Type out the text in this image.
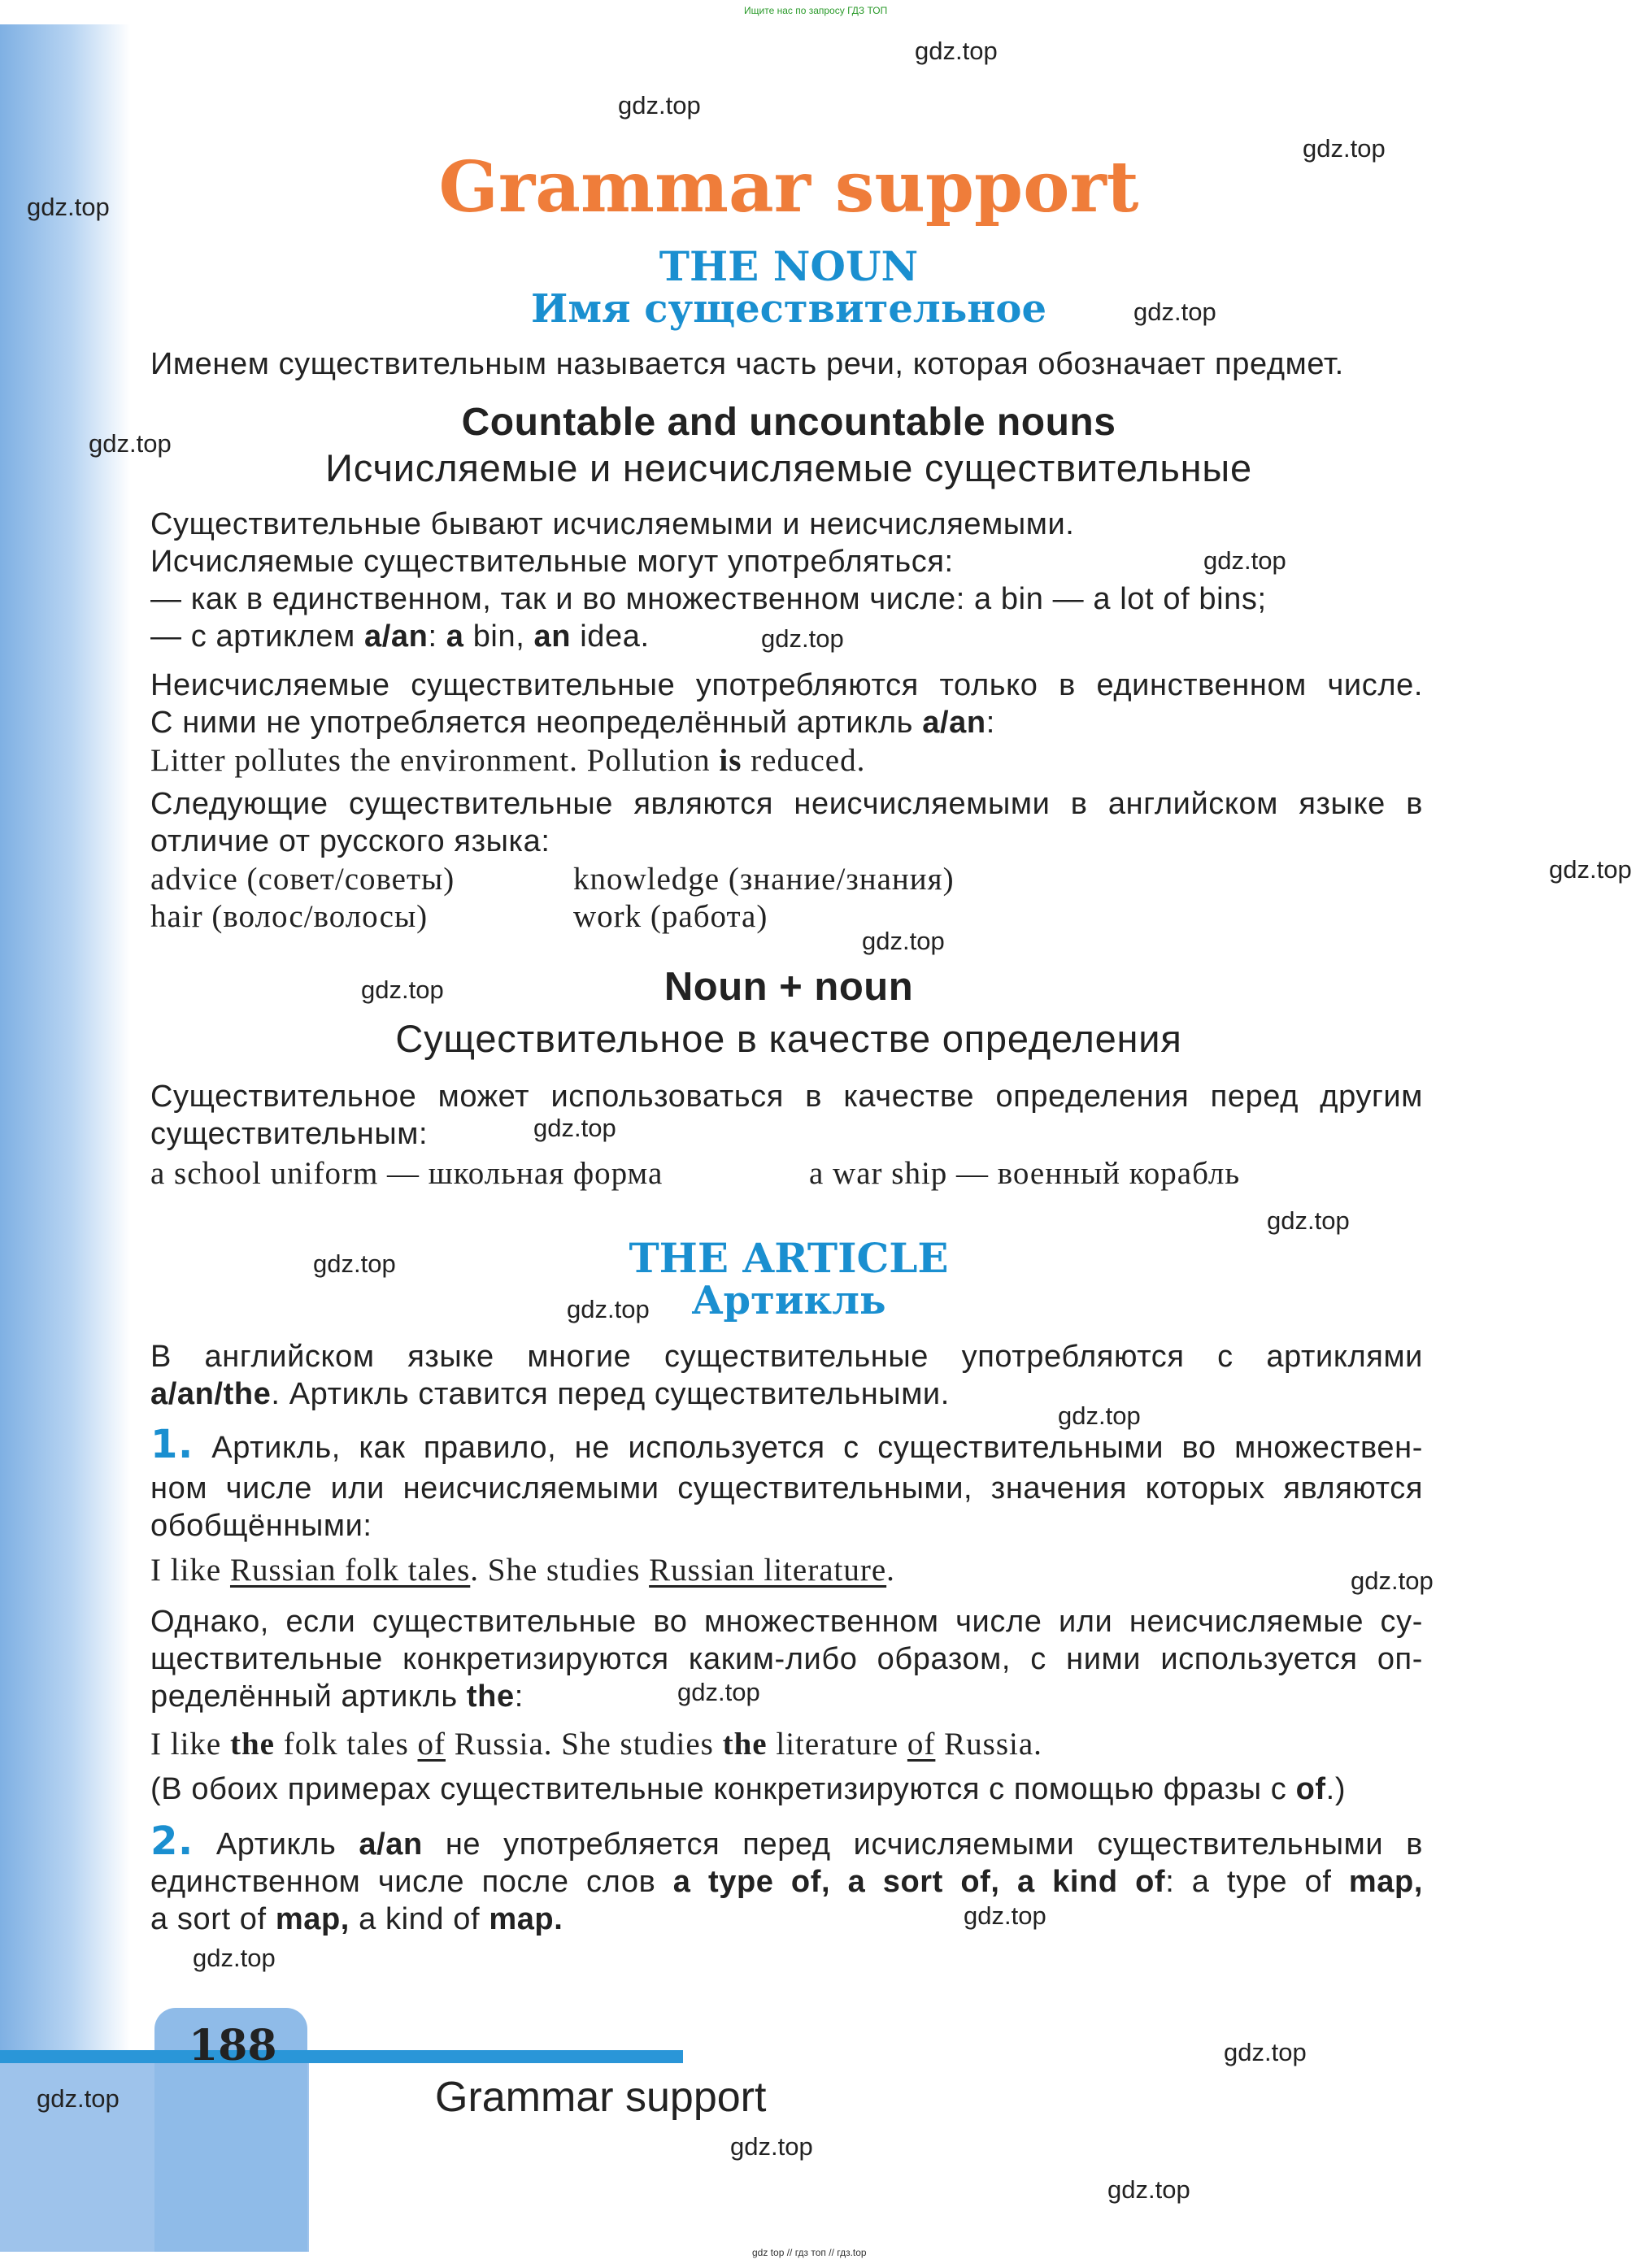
Ищите нас по запросу ГДЗ ТОП
Grammar support
THE NOUN
Имя существительное
Именем существительным называется часть речи, которая обозначает предмет.
Countable and uncountable nouns
Исчисляемые и неисчисляемые существительные
Существительные бывают исчисляемыми и неисчисляемыми.
Исчисляемые существительные могут употребляться:
— как в единственном, так и во множественном числе: a bin — a lot of bins;
— с артиклем a/an: a bin, an idea.
Неисчисляемые существительные употребляются только в единственном числе.
С ними не употребляется неопределённый артикль a/an:
Litter pollutes the environment. Pollution is reduced.
Следующие существительные являются неисчисляемыми в английском языке в
отличие от русского языка:
advice (совет/советы)	knowledge (знание/знания)
hair (волос/волосы)	work (работа)
Noun + noun
Существительное в качестве определения
Существительное может использоваться в качестве определения перед другим
существительным:
a school uniform — школьная форма	a war ship — военный корабль
THE ARTICLE
Артикль
В английском языке многие существительные употребляются с артиклями
a/an/the. Артикль ставится перед существительными.
1. Артикль, как правило, не используется с существительными во множествен-
ном числе или неисчисляемыми существительными, значения которых являются
обобщёнными:
I like Russian folk tales. She studies Russian literature.
Однако, если существительные во множественном числе или неисчисляемые су-
ществительные конкретизируются каким-либо образом, с ними используется оп-
ределённый артикль the:
I like the folk tales of Russia. She studies the literature of Russia.
(В обоих примерах существительные конкретизируются с помощью фразы с of.)
2. Артикль a/an не употребляется перед исчисляемыми существительными в
единственном числе после слов a type of, a sort of, a kind of: a type of map,
a sort of map, a kind of map.
188
Grammar support
gdz top // гдз топ // гдз.top
gdz.top
gdz.top
gdz.top
gdz.top
gdz.top
gdz.top
gdz.top
gdz.top
gdz.top
gdz.top
gdz.top
gdz.top
gdz.top
gdz.top
gdz.top
gdz.top
gdz.top
gdz.top
gdz.top
gdz.top
gdz.top
gdz.top
gdz.top
gdz.top
